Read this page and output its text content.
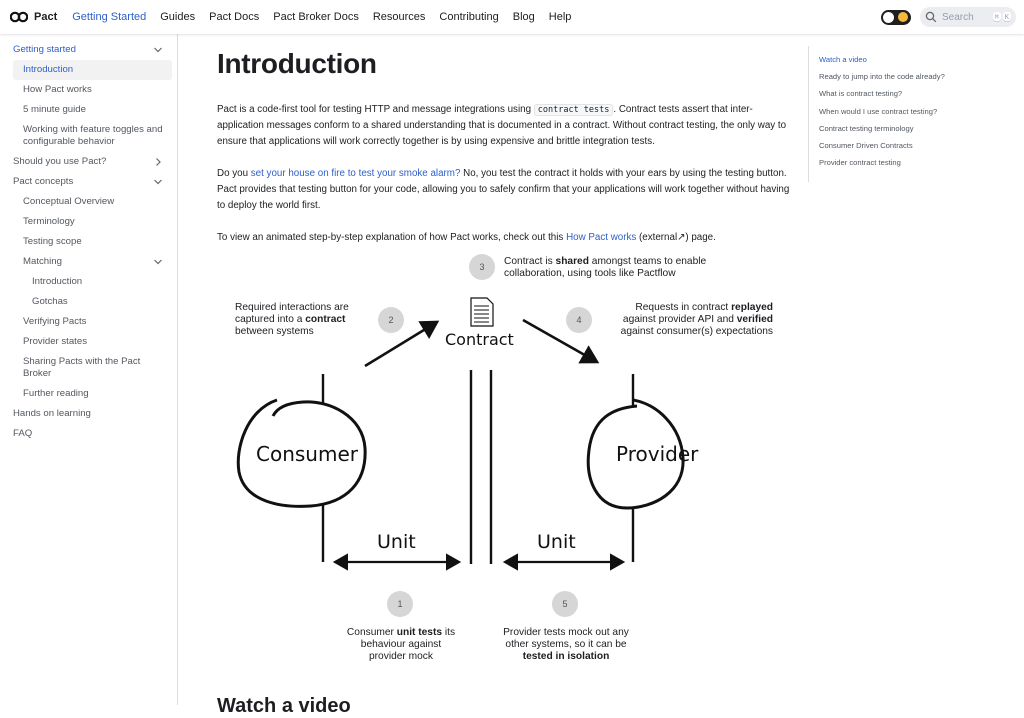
Pact	Getting Started	Guides	Pact Docs	Pact Broker Docs	Resources	Contributing	Blog	Help	Search	⌘ K
Getting started
Introduction
How Pact works
5 minute guide
Working with feature toggles and configurable behavior
Should you use Pact?
Pact concepts
Conceptual Overview
Terminology
Testing scope
Matching
Introduction
Gotchas
Verifying Pacts
Provider states
Sharing Pacts with the Pact Broker
Further reading
Hands on learning
FAQ
Introduction

Pact is a code-first tool for testing HTTP and message integrations using contract tests . Contract tests assert that inter-application messages conform to a shared understanding that is documented in a contract. Without contract testing, the only way to ensure that applications will work correctly together is by using expensive and brittle integration tests.

Do you set your house on fire to test your smoke alarm? No, you test the contract it holds with your ears by using the testing button. Pact provides that testing button for your code, allowing you to safely confirm that your applications will work together without having to deploy the world first.

To view an animated step-by-step explanation of how Pact works, check out this How Pact works (external↗) page.

Consumer	Provider
Contract
Unit	Unit
3	Contract is shared amongst teams to enable collaboration, using tools like Pactflow
2
Required interactions are captured into a contract between systems
4
Requests in contract replayed against provider API and verified against consumer(s) expectations
1
Consumer unit tests its behaviour against provider mock
5
Provider tests mock out any other systems, so it can be tested in isolation
Watch a video
Watch a video
Ready to jump into the code already?
What is contract testing?
When would I use contract testing?
Contract testing terminology
Consumer Driven Contracts
Provider contract testing
